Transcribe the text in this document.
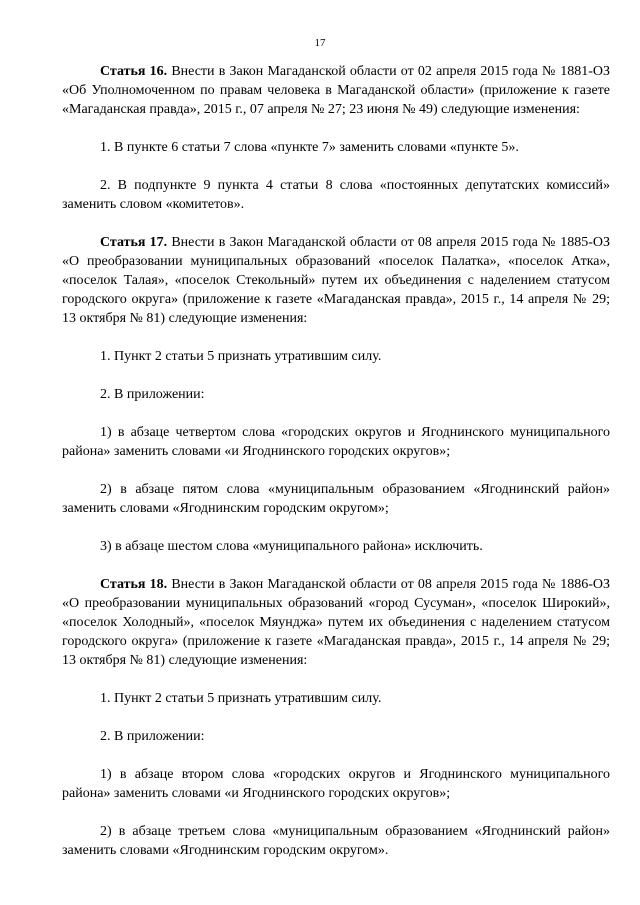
17

Статья 16. Внести в Закон Магаданской области от 02 апреля 2015 года № 1881-ОЗ «Об Уполномоченном по правам человека в Магаданской области» (приложение к газете «Магаданская правда», 2015 г., 07 апреля № 27; 23 июня № 49) следующие изменения:

1. В пункте 6 статьи 7 слова «пункте 7» заменить словами «пункте 5».

2. В подпункте 9 пункта 4 статьи 8 слова «постоянных депутатских комиссий» заменить словом «комитетов».

Статья 17. Внести в Закон Магаданской области от 08 апреля 2015 года № 1885-ОЗ «О преобразовании муниципальных образований «поселок Палатка», «поселок Атка», «поселок Талая», «поселок Стекольный» путем их объединения с наделением статусом городского округа» (приложение к газете «Магаданская правда», 2015 г., 14 апреля № 29; 13 октября № 81) следующие изменения:

1. Пункт 2 статьи 5 признать утратившим силу.

2. В приложении:

1) в абзаце четвертом слова «городских округов и Ягоднинского муниципального района» заменить словами «и Ягоднинского городских округов»;

2) в абзаце пятом слова «муниципальным образованием «Ягоднинский район» заменить словами «Ягоднинским городским округом»;

3) в абзаце шестом слова «муниципального района» исключить.

Статья 18. Внести в Закон Магаданской области от 08 апреля 2015 года № 1886-ОЗ «О преобразовании муниципальных образований «город Сусуман», «поселок Широкий», «поселок Холодный», «поселок Мяунджа» путем их объединения с наделением статусом городского округа» (приложение к газете «Магаданская правда», 2015 г., 14 апреля № 29; 13 октября № 81) следующие изменения:

1. Пункт 2 статьи 5 признать утратившим силу.

2. В приложении:

1) в абзаце втором слова «городских округов и Ягоднинского муниципального района» заменить словами «и Ягоднинского городских округов»;

2) в абзаце третьем слова «муниципальным образованием «Ягоднинский район» заменить словами «Ягоднинским городским округом».
